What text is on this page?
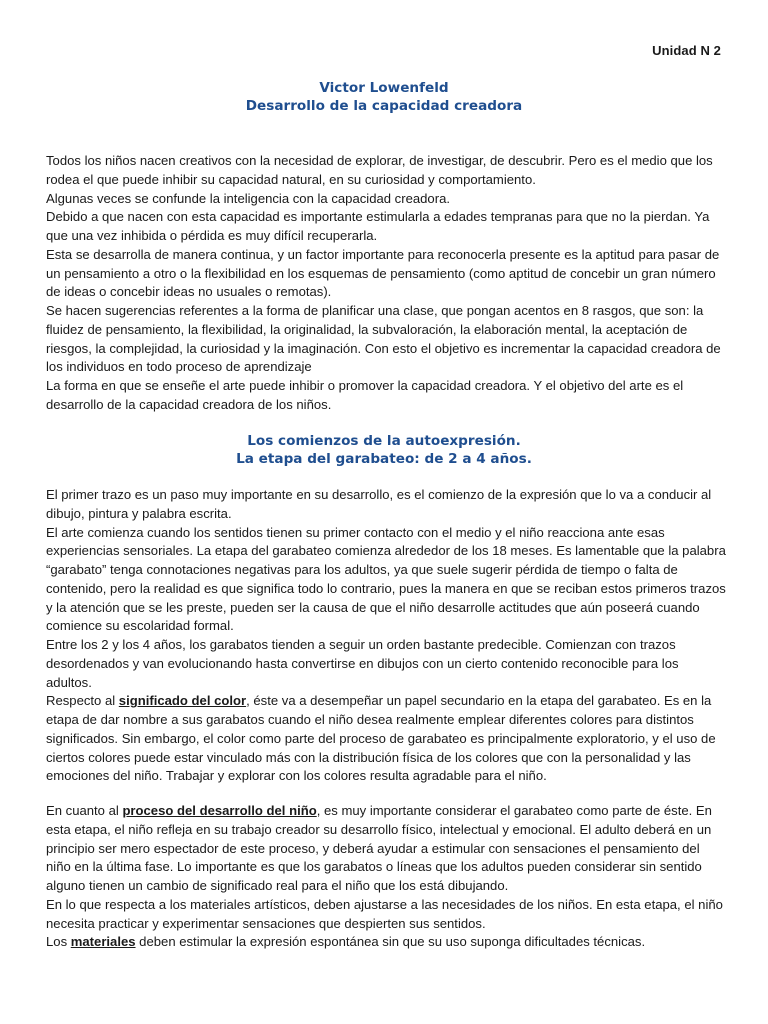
Unidad N 2
Victor Lowenfeld
Desarrollo de la capacidad creadora

Todos los niños nacen creativos con la necesidad de explorar, de investigar, de descubrir. Pero es el medio que los rodea el que puede inhibir su capacidad natural, en su curiosidad y comportamiento.

Algunas veces se confunde la inteligencia con la capacidad creadora.

Debido a que nacen con esta capacidad es importante estimularla a edades tempranas para que no la pierdan. Ya que una vez inhibida o pérdida es muy difícil recuperarla.

Esta se desarrolla de manera continua, y un factor importante para reconocerla presente es la aptitud para pasar de un pensamiento a otro o la flexibilidad en los esquemas de pensamiento (como aptitud de concebir un gran número de ideas o concebir ideas no usuales o remotas).

Se hacen sugerencias referentes a la forma de planificar una clase, que pongan acentos en 8 rasgos, que son: la fluidez de pensamiento, la flexibilidad, la originalidad, la subvaloración, la elaboración mental, la aceptación de riesgos, la complejidad, la curiosidad y la imaginación. Con esto el objetivo es incrementar la capacidad creadora de los individuos en todo proceso de aprendizaje

La forma en que se enseñe el arte puede inhibir o promover la capacidad creadora. Y el objetivo del arte es el desarrollo de la capacidad creadora de los niños.

Los comienzos de la autoexpresión.
La etapa del garabateo: de 2 a 4 años.

El primer trazo es un paso muy importante en su desarrollo, es el comienzo de la expresión que lo va a conducir al dibujo, pintura y palabra escrita.

El arte comienza cuando los sentidos tienen su primer contacto con el medio y el niño reacciona ante esas experiencias sensoriales. La etapa del garabateo comienza alrededor de los 18 meses. Es lamentable que la palabra “garabato” tenga connotaciones negativas para los adultos, ya que suele sugerir pérdida de tiempo o falta de contenido, pero la realidad es que significa todo lo contrario, pues la manera en que se reciban estos primeros trazos y la atención que se les preste, pueden ser la causa de que el niño desarrolle actitudes que aún poseerá cuando comience su escolaridad formal.

Entre los 2 y los 4 años, los garabatos tienden a seguir un orden bastante predecible. Comienzan con trazos desordenados y van evolucionando hasta convertirse en dibujos con un cierto contenido reconocible para los adultos.

Respecto al significado del color, éste va a desempeñar un papel secundario en la etapa del garabateo. Es en la etapa de dar nombre a sus garabatos cuando el niño desea realmente emplear diferentes colores para distintos significados. Sin embargo, el color como parte del proceso de garabateo es principalmente exploratorio, y el uso de ciertos colores puede estar vinculado más con la distribución física de los colores que con la personalidad y las emociones del niño. Trabajar y explorar con los colores resulta agradable para el niño.

En cuanto al proceso del desarrollo del niño, es muy importante considerar el garabateo como parte de éste. En esta etapa, el niño refleja en su trabajo creador su desarrollo físico, intelectual y emocional. El adulto deberá en un principio ser mero espectador de este proceso, y deberá ayudar a estimular con sensaciones el pensamiento del niño en la última fase. Lo importante es que los garabatos o líneas que los adultos pueden considerar sin sentido alguno tienen un cambio de significado real para el niño que los está dibujando.

En lo que respecta a los materiales artísticos, deben ajustarse a las necesidades de los niños. En esta etapa, el niño necesita practicar y experimentar sensaciones que despierten sus sentidos.

Los materiales deben estimular la expresión espontánea sin que su uso suponga dificultades técnicas.
